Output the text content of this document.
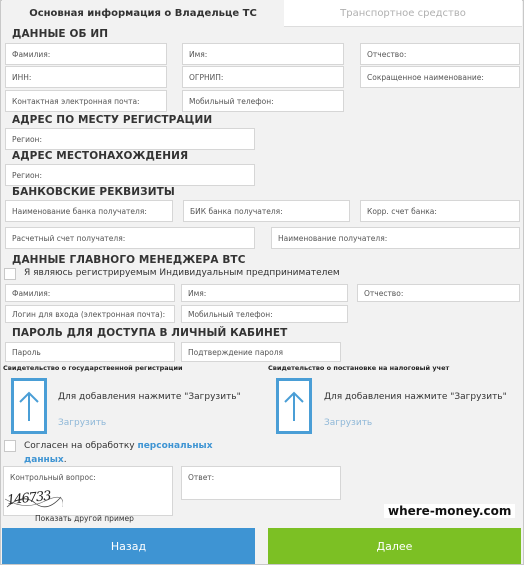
Основная информация о Владельце ТС	Транспортное средство
ДАННЫЕ ОБ ИП
Фамилия:	Имя:	Отчество:
ИНН:	ОГРНИП:	Сокращенное наименование:
Контактная электронная почта:	Мобильный телефон:
АДРЕС ПО МЕСТУ РЕГИСТРАЦИИ
Регион:
АДРЕС МЕСТОНАХОЖДЕНИЯ
Регион:
БАНКОВСКИЕ РЕКВИЗИТЫ
Наименование банка получателя:	БИК банка получателя:	Корр. счет банка:
Расчетный счет получателя:	Наименование получателя:
ДАННЫЕ ГЛАВНОГО МЕНЕДЖЕРА ВТС
Я являюсь регистрируемым Индивидуальным предпринимателем
Фамилия:	Имя:	Отчество:
Логин для входа (электронная почта):	Мобильный телефон:
ПАРОЛЬ ДЛЯ ДОСТУПА В ЛИЧНЫЙ КАБИНЕТ
Пароль	Подтверждение пароля
Свидетельство о государственной регистрации	Свидетельство о постановке на налоговый учет
Для добавления нажмите "Загрузить"
Загрузить
Для добавления нажмите "Загрузить"
Загрузить
Согласен на обработку персональных данных.
Контрольный вопрос:
146733
Ответ:
Показать другой пример
where-money.com
Назад	Далее
